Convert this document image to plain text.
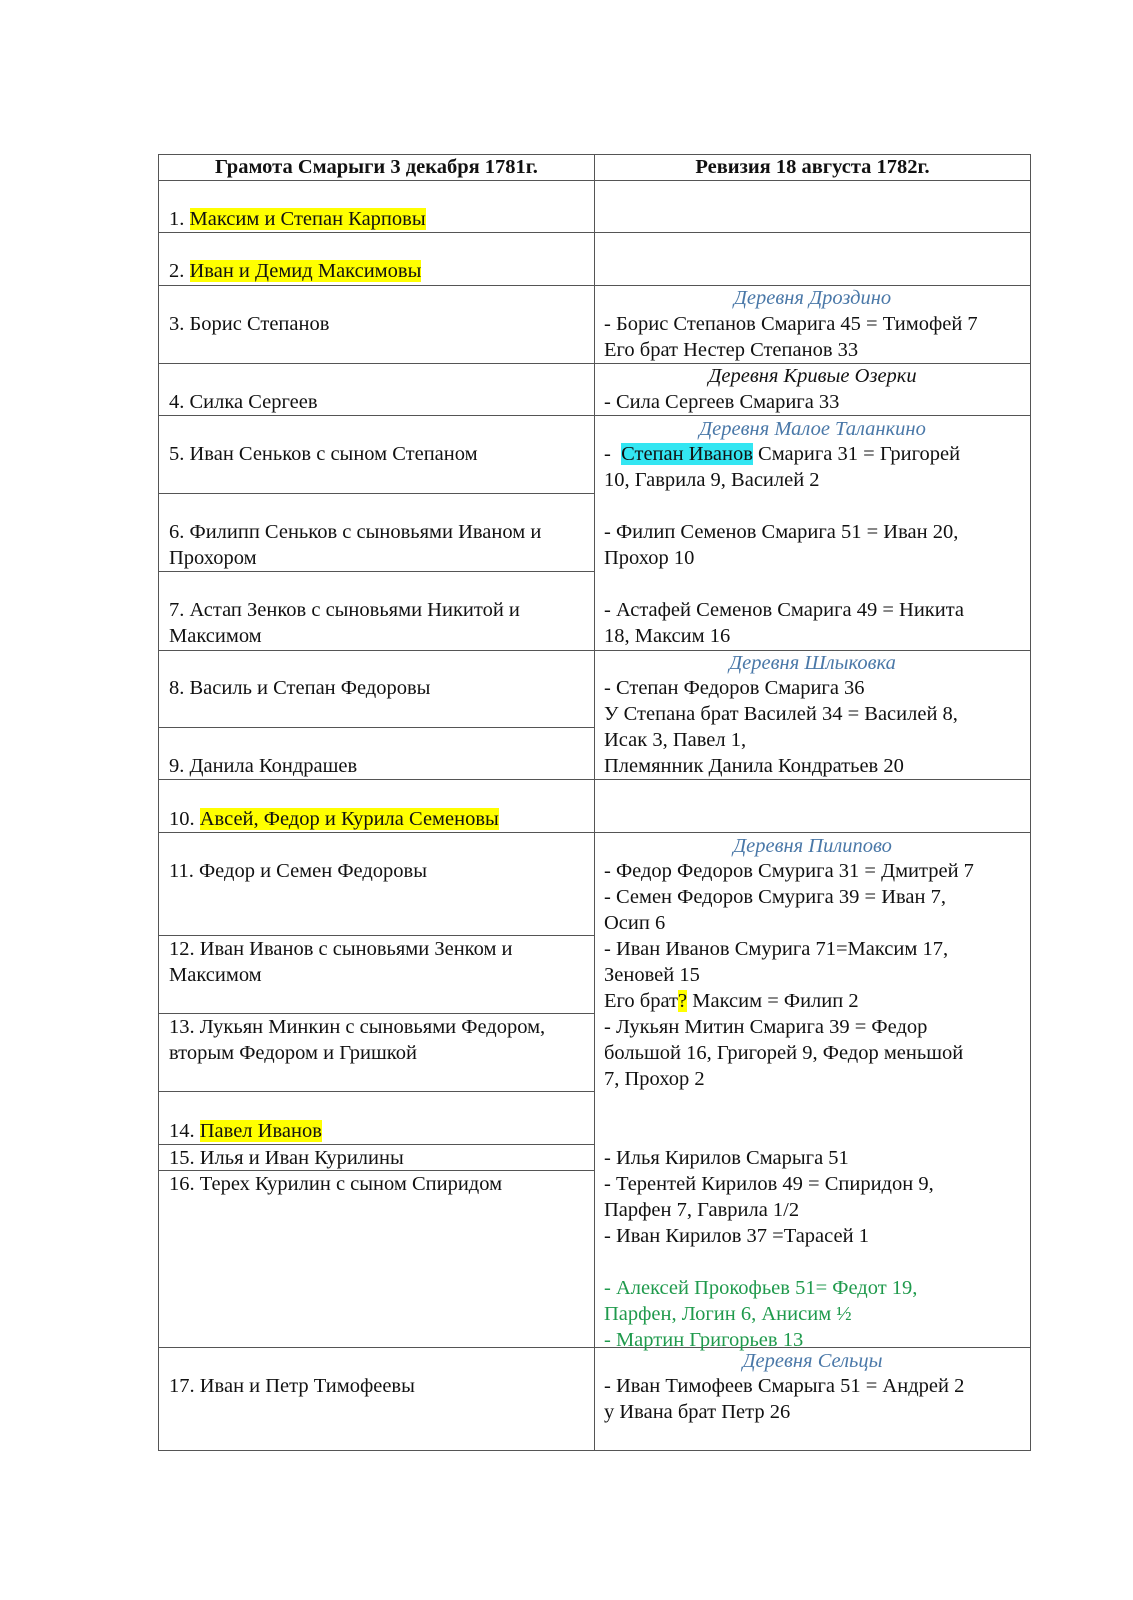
Грамота Смарыги 3 декабря 1781г.	Ревизия 18 августа 1782г.
1. Максим и Степан Карповы
2. Иван и Демид Максимовы
3. Борис Степанов
4. Силка Сергеев
5. Иван Сеньков с сыном Степаном
6. Филипп Сеньков с сыновьями Иваном и
Прохором
7. Астап Зенков с сыновьями Никитой и
Максимом
8. Василь и Степан Федоровы
9. Данила Кондрашев
10. Авсей, Федор и Курила Семеновы
11. Федор и Семен Федоровы
12. Иван Иванов с сыновьями Зенком и
Максимом
13. Лукьян Минкин с сыновьями Федором,
вторым Федором и Гришкой
14. Павел Иванов
15. Илья и Иван Курилины
16. Терех Курилин с сыном Спиридом
17. Иван и Петр Тимофеевы
Деревня Дроздино
- Борис Степанов Смарига 45 = Тимофей 7
Его брат Нестер Степанов 33
Деревня Кривые Озерки
- Сила Сергеев Смарига 33
Деревня Малое Таланкино
-  Степан Иванов Смарига 31 = Григорей
10, Гаврила 9, Василей 2
- Филип Семенов Смарига 51 = Иван 20,
Прохор 10
- Астафей Семенов Смарига 49 = Никита
18, Максим 16
Деревня Шлыковка
- Степан Федоров Смарига 36
У Степана брат Василей 34 = Василей 8,
Исак 3, Павел 1,
Племянник Данила Кондратьев 20
Деревня Пилипово
- Федор Федоров Смурига 31 = Дмитрей 7
- Семен Федоров Смурига 39 = Иван 7,
Осип 6
- Иван Иванов Смурига 71=Максим 17,
Зеновей 15
Его брат? Максим = Филип 2
- Лукьян Митин Смарига 39 = Федор
большой 16, Григорей 9, Федор меньшой
7, Прохор 2
- Илья Кирилов Смарыга 51
- Терентей Кирилов 49 = Спиридон 9,
Парфен 7, Гаврила 1/2
- Иван Кирилов 37 =Тарасей 1
- Алексей Прокофьев 51= Федот 19,
Парфен, Логин 6, Анисим ½
- Мартин Григорьев 13
Деревня Сельцы
- Иван Тимофеев Смарыга 51 = Андрей 2
у Ивана брат Петр 26
